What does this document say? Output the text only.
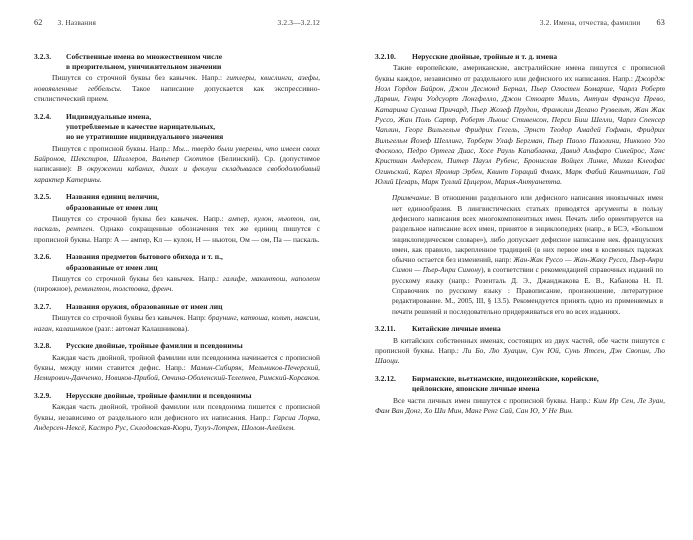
62 3. Названия	3.2.3—3.2.12
3.2.3.	Собственные имена во множественном числе
в презрительном, уничижительном значении

Пишутся со строчной буквы без кавычек. Напр.: гитлеры, квислинги, азефы, новоявленные геббельсы. Такое написание допускается как экспрессивно-стилистический прием.

3.2.4.	Индивидуальные имена,
употребляемые в качестве нарицательных,
но не утратившие индивидуального значения

Пишутся с прописной буквы. Напр.: Мы... твердо были уверены, что имеем своих Байронов, Шекспиров, Шиллеров, Вальтер Скоттов (Белинский). Ср. (допустимое написание): В окружении кабаних, диких и феклуш складывался свободолюбивый характер Катерины.

3.2.5.	Названия единиц величин,
образованные от имен лиц

Пишутся со строчной буквы без кавычек. Напр.: ампер, кулон, ньютон, ом, паскаль, рентген. Однако сокращенные обозначения тех же единиц пишутся с прописной буквы. Напр: А — ампер, Кл — кулон, Н — ньютон, Ом — ом, Па — паскаль.

3.2.6.	Названия предметов бытового обихода и т. п.,
образованные от имен лиц

Пишутся со строчной буквы без кавычек. Напр.: галифе, макинтош, наполеон (пирожное), ремингтон, толстовка, френч.

3.2.7.	Названия оружия, образованные от имен лиц

Пишутся со строчной буквы без кавычек. Напр: браунинг, катюша, кольт, максим, наган, калашников (разг.: автомат Калашникова).

3.2.8.	Русские двойные, тройные фамилии и псевдонимы

Каждая часть двойной, тройной фамилии или псевдонима начинается с прописной буквы, между ними ставится дефис. Напр.: Мамин-Сибиряк, Мельников-Печерский, Немирович-Данченко, Новиков-Прибой, Овчина-Оболенский-Телепнев, Римский-Корсаков.

3.2.9.	Нерусские двойные, тройные фамилии и псевдонимы

Каждая часть двойной, тройной фамилии или псевдонима пишется с прописной буквы, независимо от раздельного или дефисного их написания. Напр.: Гарсиа Лорка, Андерсен-Нексё, Кастро Рус, Склодовская-Кюри, Тулуз-Лотрек, Шолом-Алейхем.

3.2. Имена, отчества, фамилии 63
3.2.10.	Нерусские двойные, тройные и т. д. имена

Такие европейские, американские, австралийские имена пишутся с прописной буквы каждое, независимо от раздельного или дефисного их написания. Напр.: Джордж Ноэл Гордон Байрон, Джон Десмонд Бернал, Пьер Огюстен Бомарше, Чарлз Роберт Дарвин, Генри Уодсуорт Лонгфелло, Джон Стюарт Милль, Антуан Франсуа Прево, Катарина Сусанна Причард, Пьер Жозеф Прудон, Франклин Делано Рузвельт, Жан Жак Руссо, Жан Поль Сартр, Роберт Льюис Стивенсон, Перси Биш Шелли, Чарлз Спенсер Чаплин, Георг Вильгельм Фридрих Гегель, Эрнст Теодор Амадей Гофман, Фридрих Вильгельм Йозеф Шеллинг, Торберн Улаф Бергман, Пьер Паоло Пазолини, Никколо Уго Фосколо, Педро Ортега Диас, Хосе Рауль Капабланка, Давид Альфаро Сикейрос, Ханс Кристиан Андерсен, Питер Пауэл Рубенс, Бронислав Войцех Линке, Михал Клеофас Огиньский, Карел Яромир Эрбен, Квинт Гораций Флакк, Марк Фабий Квинтилиан, Гай Юлий Цезарь, Марк Туллий Цицерон, Мария-Антуанетта.

Примечание. В отношении раздельного или дефисного написания иноязычных имен нет единообразия. В лингвистических статьях приводятся аргументы в пользу дефисного написания всех многокомпонентных имен. Печать либо ориентируется на раздельное написание всех имен, принятое в энциклопедиях (напр., в БСЭ, «Большом энциклопедическом словаре»), либо допускает дефисное написание нек. французских имен, как правило, закрепленное традицией (в них первое имя в косвенных падежах обычно остается без изменений, напр: Жан-Жак Руссо — Жан-Жаку Руссо, Пьер-Анри Симон — Пьер-Анри Симону), в соответствии с рекомендацией справочных изданий по русскому языку (напр.: Розенталь Д. Э., Джанджакова Е. В., Кабанова Н. П. Справочник по русскому языку : Правописание, произношение, литературное редактирование. М., 2005, III, § 13.5). Рекомендуется принять одно из применяемых в печати решений и последовательно придерживаться его во всех изданиях.

3.2.11.	Китайские личные имена

В китайских собственных именах, состоящих из двух частей, обе части пишутся с прописной буквы. Напр.: Ли Бо, Лю Хуацин, Сун Юй, Сунь Ятсен, Дэн Сяопин, Лю Шаоци.

3.2.12.	Бирманские, вьетнамские, индонезийские, корейские,
цейлонские, японские личные имена

Все части личных имен пишутся с прописной буквы. Напр.: Ким Ир Сен, Ле Зуан, Фам Ван Донг, Хо Ши Мин, Манг Ренг Сай, Сан Ю, У Не Вин.
